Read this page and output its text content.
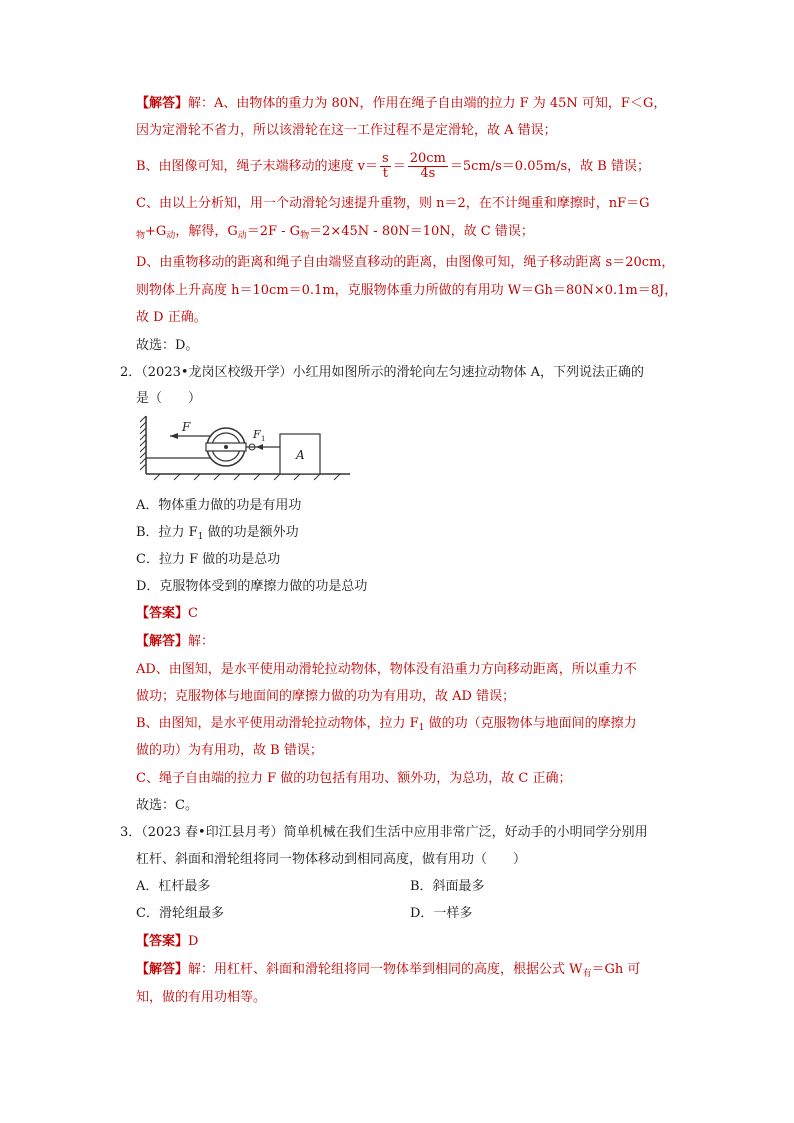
【解答】解：A、由物体的重力为 80N，作用在绳子自由端的拉力 F 为 45N 可知，F＜G，
因为定滑轮不省力，所以该滑轮在这一工作过程不是定滑轮，故 A 错误；
B、由图像可知，绳子末端移动的速度 $v= \frac{s}{t} = \frac{20cm}{4s} =5cm/s=0.05m/s$，故 B 错误；
C、由以上分析知，用一个动滑轮匀速提升重物，则 n＝2，在不计绳重和摩擦时，nF＝G
$_物+G_动$，解得，$G_动=2F - G_物=2\times 45N - 80N=10N$，故 C 错误；
D、由重物移动的距离和绳子自由端竖直移动的距离，由图像可知，绳子移动距离 s＝20cm，
则物体上升高度 h＝10cm＝0.1m，克服物体重力所做的有用功 W＝Gh＝80N×0.1m＝8J，
故 D 正确。
故选：D。
2．（2023•龙岗区校级开学）小红用如图所示的滑轮向左匀速拉动物体 A，下列说法正确的
是（　　）
F
F 1
A
A．物体重力做的功是有用功
B．拉力 $F_1$ 做的功是额外功
C．拉力 F 做的功是总功
D．克服物体受到的摩擦力做的功是总功
【答案】C
【解答】解：
AD、由图知，是水平使用动滑轮拉动物体，物体没有沿重力方向移动距离，所以重力不
做功；克服物体与地面间的摩擦力做的功为有用功，故 AD 错误；
B、由图知，是水平使用动滑轮拉动物体，拉力 $F_1$ 做的功（克服物体与地面间的摩擦力
做的功）为有用功，故 B 错误；
C、绳子自由端的拉力 F 做的功包括有用功、额外功，为总功，故 C 正确；
故选：C。
3．（2023 春•印江县月考）简单机械在我们生活中应用非常广泛，好动手的小明同学分别用
杠杆、斜面和滑轮组将同一物体移动到相同高度，做有用功（　　）
A．杠杆最多	B．斜面最多
C．滑轮组最多	D．一样多
【答案】D
【解答】解：用杠杆、斜面和滑轮组将同一物体举到相同的高度，根据公式 $W_有=Gh$ 可
知，做的有用功相等。
